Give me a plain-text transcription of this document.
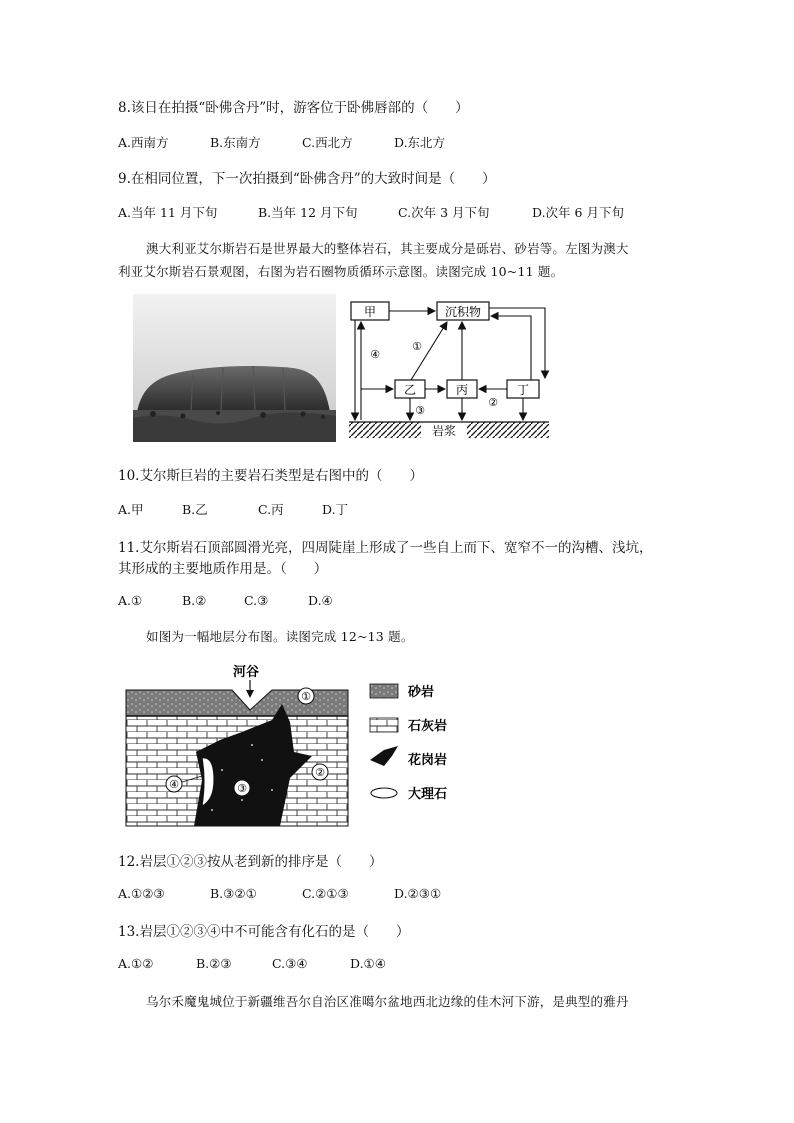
8.该日在拍摄“卧佛含丹”时，游客位于卧佛唇部的（　　）
A.西南方	B.东南方	C.西北方	D.东北方
9.在相同位置，下一次拍摄到“卧佛含丹”的大致时间是（　　）
A.当年 11 月下旬	B.当年 12 月下旬	C.次年 3 月下旬	D.次年 6 月下旬
澳大利亚艾尔斯岩石是世界最大的整体岩石，其主要成分是砾岩、砂岩等。左图为澳大
利亚艾尔斯岩石景观图，右图为岩石圈物质循环示意图。读图完成 10~11 题。
甲	沉积物
乙	丙	丁
岩浆
④
①
②
③
10.艾尔斯巨岩的主要岩石类型是右图中的（　　）
A.甲	B.乙	C.丙	D.丁
11.艾尔斯岩石顶部圆滑光亮，四周陡崖上形成了一些自上而下、宽窄不一的沟槽、浅坑，
其形成的主要地质作用是。（　　）
A.①	B.②	C.③	D.④
如图为一幅地层分布图。读图完成 12~13 题。
河谷
①
②
③
④
砂岩
石灰岩
花岗岩
大理石
12.岩层①②③按从老到新的排序是（　　）
A.①②③	B.③②①	C.②①③	D.②③①
13.岩层①②③④中不可能含有化石的是（　　）
A.①②	B.②③	C.③④	D.①④
乌尔禾魔鬼城位于新疆维吾尔自治区准噶尔盆地西北边缘的佳木河下游，是典型的雅丹
